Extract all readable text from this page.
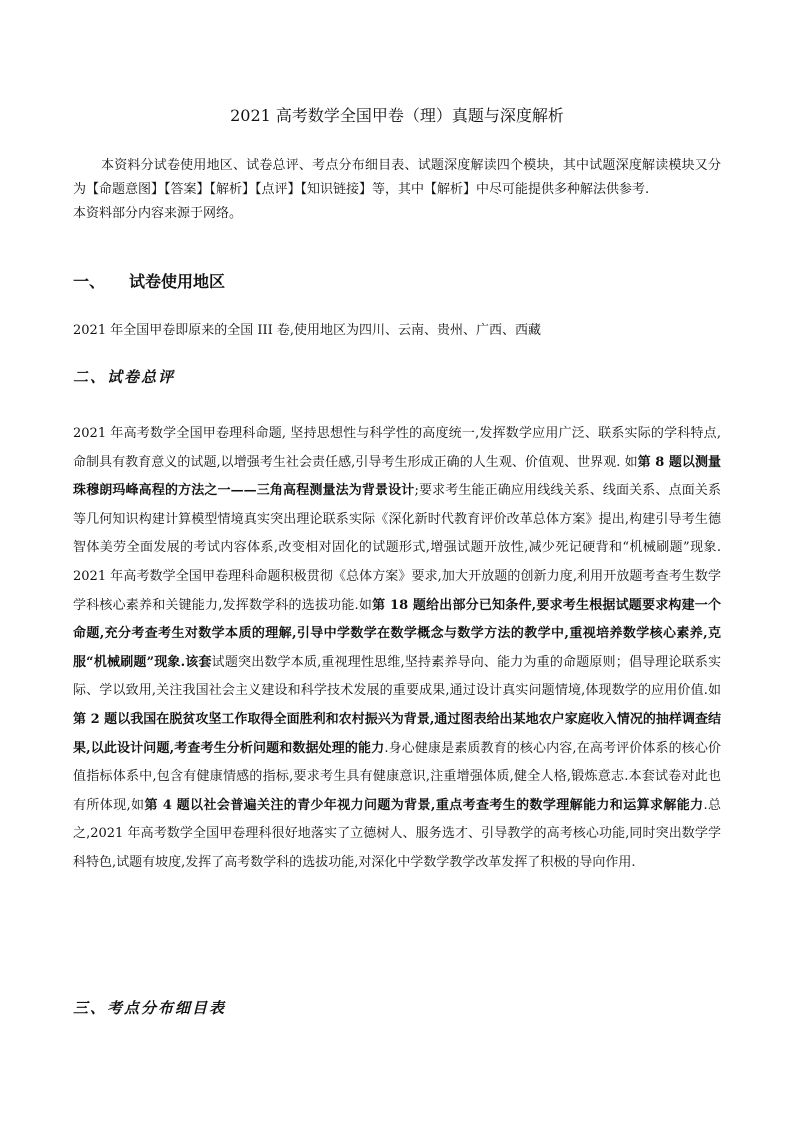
2021 高考数学全国甲卷（理）真题与深度解析

本资料分试卷使用地区、试卷总评、考点分布细目表、试题深度解读四个模块，其中试题深度解读模块又分为【命题意图】【答案】【解析】【点评】【知识链接】等，其中【解析】中尽可能提供多种解法供参考.

本资料部分内容来源于网络。

一、 试卷使用地区
2021 年全国甲卷即原来的全国 III 卷,使用地区为四川、云南、贵州、广西、西藏
二、试卷总评

2021 年高考数学全国甲卷理科命题, 坚持思想性与科学性的高度统一,发挥数学应用广泛、联系实际的学科特点,命制具有教育意义的试题,以增强考生社会责任感,引导考生形成正确的人生观、价值观、世界观. 如第 8 题以测量珠穆朗玛峰高程的方法之一——三角高程测量法为背景设计;要求考生能正确应用线线关系、线面关系、点面关系等几何知识构建计算模型情境真实突出理论联系实际《深化新时代教育评价改革总体方案》提出,构建引导考生德智体美劳全面发展的考试内容体系,改变相对固化的试题形式,增强试题开放性,减少死记硬背和“机械刷题”现象. 2021 年高考数学全国甲卷理科命题积极贯彻《总体方案》要求,加大开放题的创新力度,利用开放题考查考生数学学科核心素养和关键能力,发挥数学科的选拔功能.如第 18 题给出部分已知条件,要求考生根据试题要求构建一个命题,充分考查考生对数学本质的理解,引导中学数学在数学概念与数学方法的教学中,重视培养数学核心素养,克服“机械刷题”现象.该套试题突出数学本质,重视理性思维,坚持素养导向、能力为重的命题原则；倡导理论联系实际、学以致用,关注我国社会主义建设和科学技术发展的重要成果,通过设计真实问题情境,体现数学的应用价值.如第 2 题以我国在脱贫攻坚工作取得全面胜利和农村振兴为背景,通过图表给出某地农户家庭收入情况的抽样调查结果,以此设计问题,考查考生分析问题和数据处理的能力.身心健康是素质教育的核心内容,在高考评价体系的核心价值指标体系中,包含有健康情感的指标,要求考生具有健康意识,注重增强体质,健全人格,锻炼意志.本套试卷对此也有所体现,如第 4 题以社会普遍关注的青少年视力问题为背景,重点考查考生的数学理解能力和运算求解能力.总之,2021 年高考数学全国甲卷理科很好地落实了立德树人、服务选才、引导教学的高考核心功能,同时突出数学学科特色,试题有坡度,发挥了高考数学科的选拔功能,对深化中学数学教学改革发挥了积极的导向作用.

三、考点分布细目表
